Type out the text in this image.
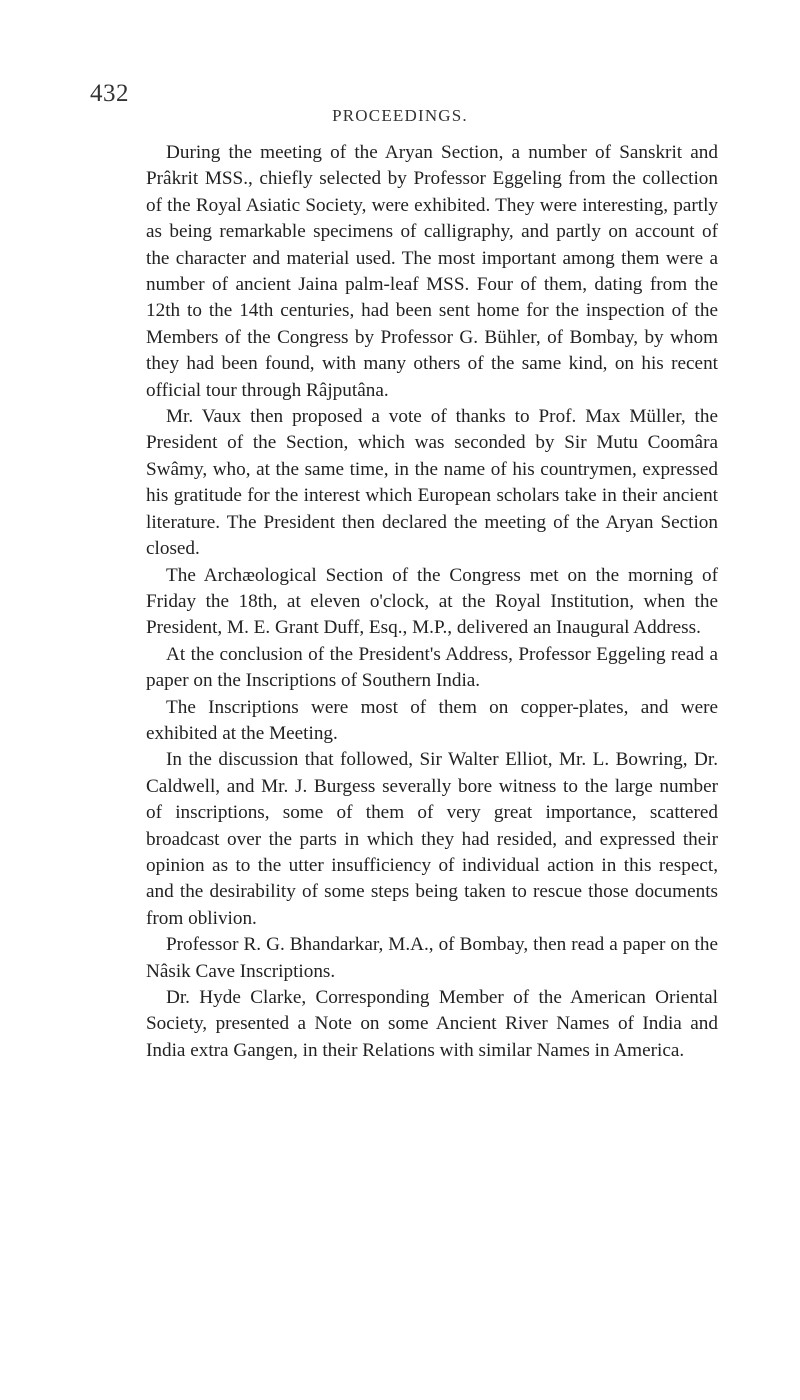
432
PROCEEDINGS.

During the meeting of the Aryan Section, a number of Sanskrit and Prâkrit MSS., chiefly selected by Professor Eggeling from the collection of the Royal Asiatic Society, were exhibited. They were interesting, partly as being remarkable specimens of calligraphy, and partly on account of the character and material used. The most important among them were a number of ancient Jaina palm-leaf MSS. Four of them, dating from the 12th to the 14th centuries, had been sent home for the inspection of the Members of the Congress by Professor G. Bühler, of Bombay, by whom they had been found, with many others of the same kind, on his recent official tour through Râjputâna.

Mr. Vaux then proposed a vote of thanks to Prof. Max Müller, the President of the Section, which was seconded by Sir Mutu Coomâra Swâmy, who, at the same time, in the name of his countrymen, expressed his gratitude for the interest which European scholars take in their ancient literature. The President then declared the meeting of the Aryan Section closed.

The Archæological Section of the Congress met on the morning of Friday the 18th, at eleven o'clock, at the Royal Institution, when the President, M. E. Grant Duff, Esq., M.P., delivered an Inaugural Address.

At the conclusion of the President's Address, Professor Eggeling read a paper on the Inscriptions of Southern India.

The Inscriptions were most of them on copper-plates, and were exhibited at the Meeting.

In the discussion that followed, Sir Walter Elliot, Mr. L. Bowring, Dr. Caldwell, and Mr. J. Burgess severally bore witness to the large number of inscriptions, some of them of very great importance, scattered broadcast over the parts in which they had resided, and expressed their opinion as to the utter insufficiency of individual action in this respect, and the desirability of some steps being taken to rescue those documents from oblivion.

Professor R. G. Bhandarkar, M.A., of Bombay, then read a paper on the Nâsik Cave Inscriptions.

Dr. Hyde Clarke, Corresponding Member of the American Oriental Society, presented a Note on some Ancient River Names of India and India extra Gangen, in their Relations with similar Names in America.
